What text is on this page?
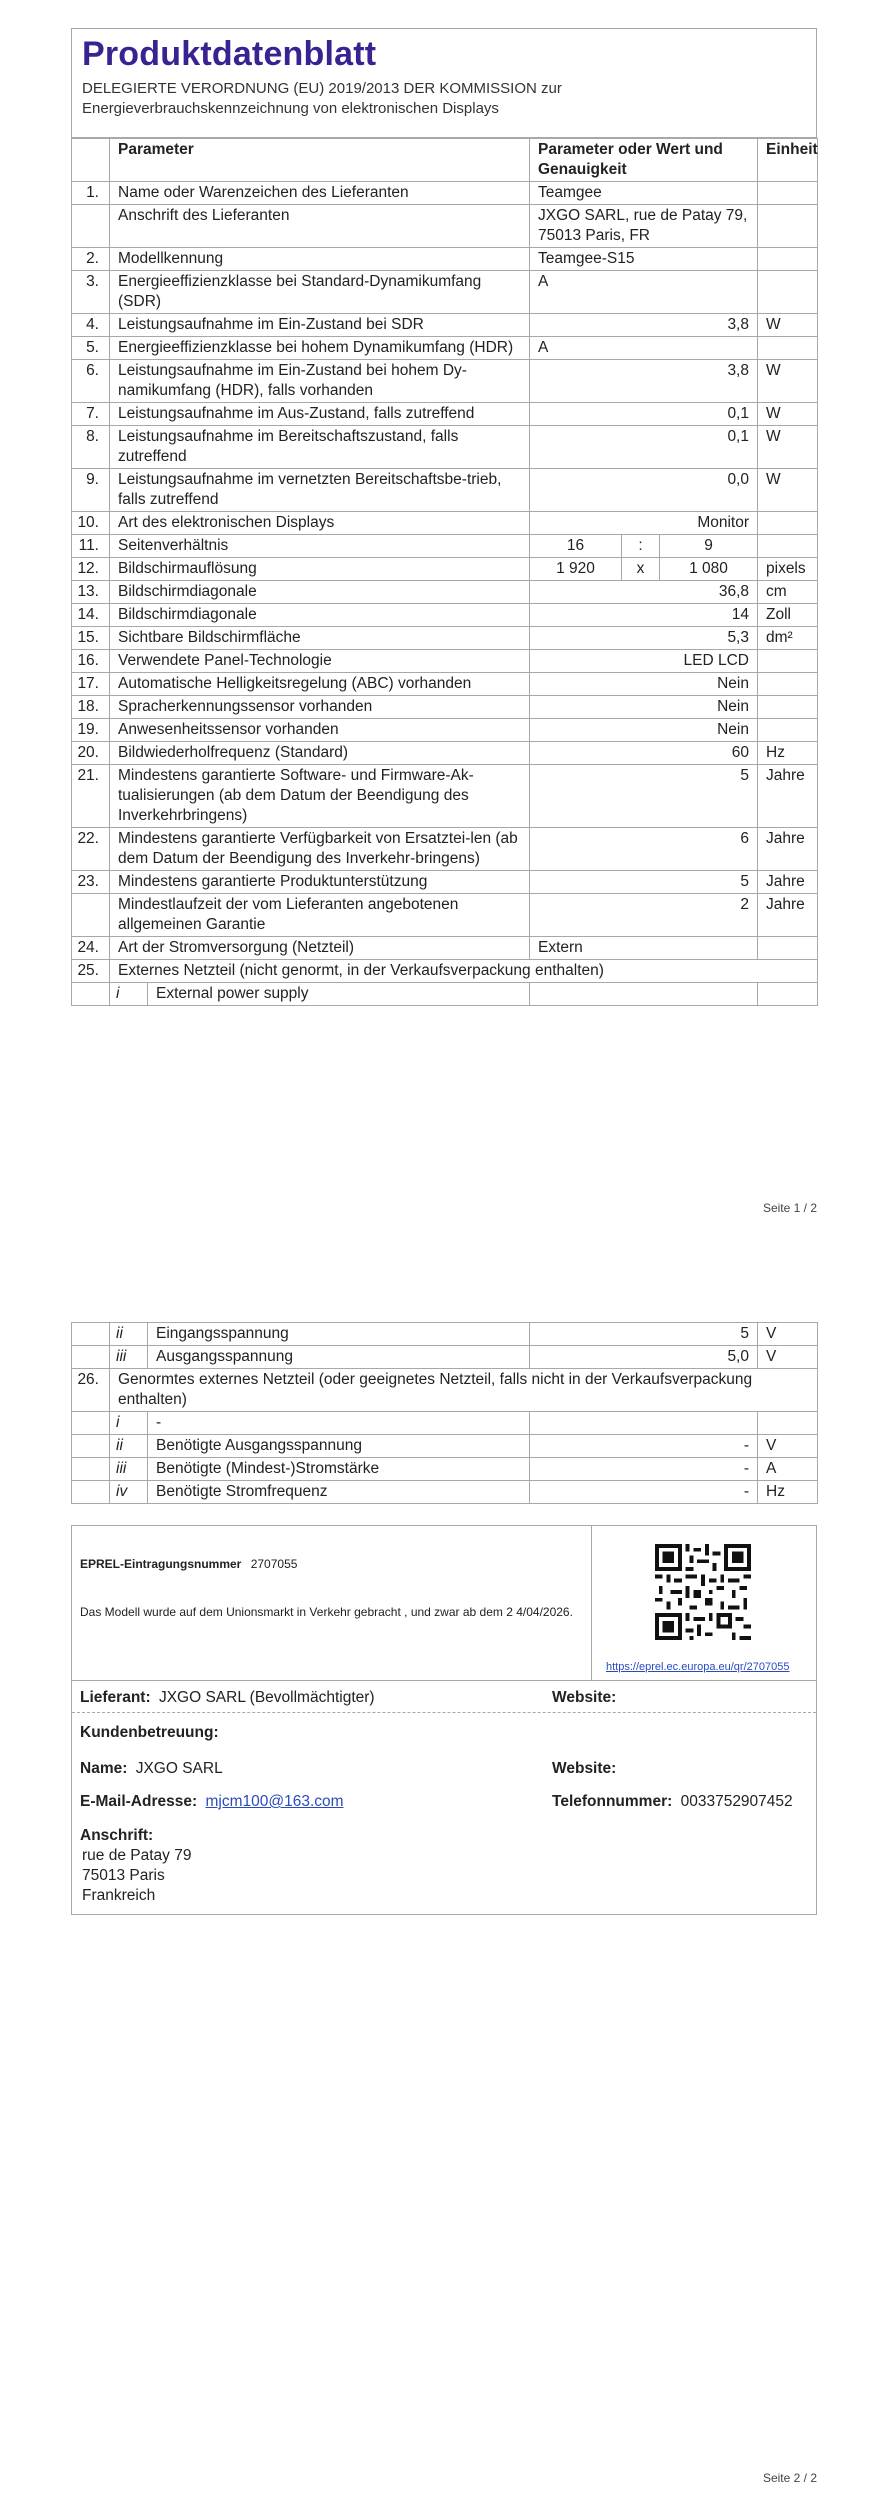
Produktdatenblatt
DELEGIERTE VERORDNUNG (EU) 2019/2013 DER KOMMISSION zur Energieverbrauchskennzeichnung von elektronischen Displays
	Parameter	Parameter oder Wert und Genauigkeit	Einheit
1.	Name oder Warenzeichen des Lieferanten	Teamgee	
	Anschrift des Lieferanten	JXGO SARL, rue de Patay 79, 75013 Paris, FR	
2.	Modellkennung	Teamgee-S15	
3.	Energieeffizienzklasse bei Standard-Dynamikumfang (SDR)	A	
4.	Leistungsaufnahme im Ein-Zustand bei SDR	3,8	W
5.	Energieeffizienzklasse bei hohem Dynamikumfang (HDR)	A	
6.	Leistungsaufnahme im Ein-Zustand bei hohem Dy-namikumfang (HDR), falls vorhanden	3,8	W
7.	Leistungsaufnahme im Aus-Zustand, falls zutreffend	0,1	W
8.	Leistungsaufnahme im Bereitschaftszustand, falls zutreffend	0,1	W
9.	Leistungsaufnahme im vernetzten Bereitschaftsbe-trieb, falls zutreffend	0,0	W
10.	Art des elektronischen Displays	Monitor	
11.	Seitenverhältnis	16 : 9	

12.	Bildschirmauflösung	1 920 x 1 080	pixels
13.	Bildschirmdiagonale	36,8	cm
14.	Bildschirmdiagonale	14	Zoll
15.	Sichtbare Bildschirmfläche	5,3	dm²
16.	Verwendete Panel-Technologie	LED LCD	
17.	Automatische Helligkeitsregelung (ABC) vorhanden	Nein	
18.	Spracherkennungssensor vorhanden	Nein	
19.	Anwesenheitssensor vorhanden	Nein	
20.	Bildwiederholfrequenz (Standard)	60	Hz
21.	Mindestens garantierte Software- und Firmware-Ak-tualisierungen (ab dem Datum der Beendigung des Inverkehrbringens)	5	Jahre
22.	Mindestens garantierte Verfügbarkeit von Ersatztei-len (ab dem Datum der Beendigung des Inverkehr-bringens)	6	Jahre
23.	Mindestens garantierte Produktunterstützung	5	Jahre
	Mindestlaufzeit der vom Lieferanten angebotenen allgemeinen Garantie	2	Jahre
24.	Art der Stromversorgung (Netzteil)	Extern	
25.	Externes Netzteil (nicht genormt, in der Verkaufsverpackung enthalten)		

	i External power supply		

Seite 1 / 2
	ii	Eingangsspannung	5	V
	iii	Ausgangsspannung	5,0	V
26.	Genormtes externes Netzteil (oder geeignetes Netzteil, falls nicht in der Verkaufsverpackung enthalten)			
	i	-		
	ii	Benötigte Ausgangsspannung	-	V
	iii	Benötigte (Mindest-)Stromstärke	-	A
	iv	Benötigte Stromfrequenz	-	Hz
EPREL-Eintragungsnummer 2707055
Das Modell wurde auf dem Unionsmarkt in Verkehr gebracht , und zwar ab dem 2 4/04/2026.
https://eprel.ec.europa.eu/qr/2707055
Lieferant: JXGO SARL (Bevollmächtigter)	Website:
Kundenbetreuung:
Name: JXGO SARL	Website:
E-Mail-Adresse: mjcm100@163.com	Telefonnummer: 0033752907452
Anschrift:
rue de Patay 79
75013 Paris
Frankreich
Seite 2 / 2
